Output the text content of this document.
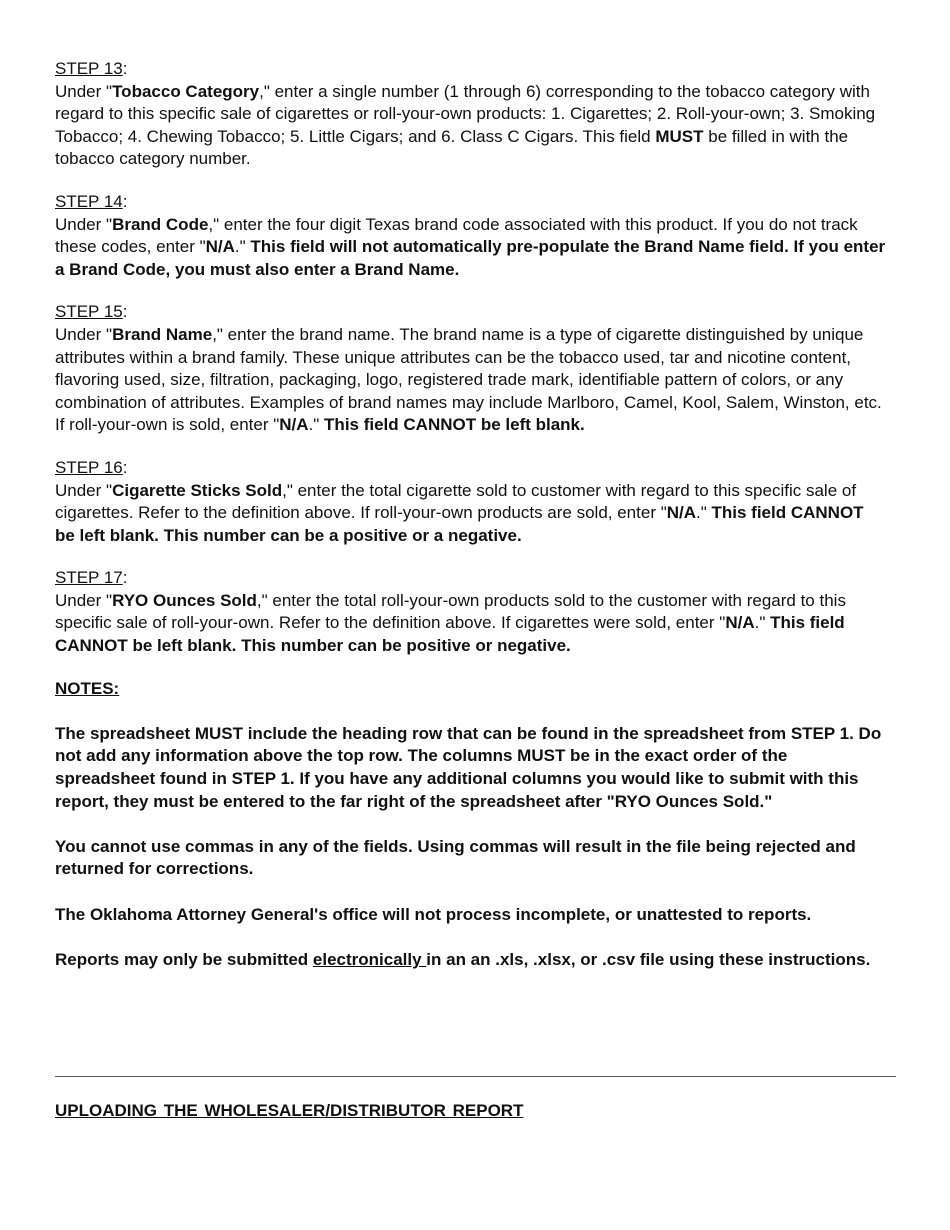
STEP 13:

Under "Tobacco Category," enter a single number (1 through 6) corresponding to the tobacco category with regard to this specific sale of cigarettes or roll-your-own products: 1. Cigarettes; 2. Roll-your-own; 3. Smoking Tobacco; 4. Chewing Tobacco; 5. Little Cigars; and 6. Class C Cigars. This field MUST be filled in with the tobacco category number.

STEP 14:

Under "Brand Code," enter the four digit Texas brand code associated with this product. If you do not track these codes, enter "N/A." This field will not automatically pre-populate the Brand Name field. If you enter a Brand Code, you must also enter a Brand Name.

STEP 15:

Under "Brand Name," enter the brand name. The brand name is a type of cigarette distinguished by unique attributes within a brand family. These unique attributes can be the tobacco used, tar and nicotine content, flavoring used, size, filtration, packaging, logo, registered trade mark, identifiable pattern of colors, or any combination of attributes. Examples of brand names may include Marlboro, Camel, Kool, Salem, Winston, etc. If roll-your-own is sold, enter "N/A." This field CANNOT be left blank.

STEP 16:

Under "Cigarette Sticks Sold," enter the total cigarette sold to customer with regard to this specific sale of cigarettes. Refer to the definition above. If roll-your-own products are sold, enter "N/A." This field CANNOT be left blank. This number can be a positive or a negative.

STEP 17:

Under "RYO Ounces Sold," enter the total roll-your-own products sold to the customer with regard to this specific sale of roll-your-own. Refer to the definition above. If cigarettes were sold, enter "N/A." This field CANNOT be left blank. This number can be positive or negative.

NOTES:

The spreadsheet MUST include the heading row that can be found in the spreadsheet from STEP 1. Do not add any information above the top row. The columns MUST be in the exact order of the spreadsheet found in STEP 1. If you have any additional columns you would like to submit with this report, they must be entered to the far right of the spreadsheet after "RYO Ounces Sold."

You cannot use commas in any of the fields. Using commas will result in the file being rejected and returned for corrections.

The Oklahoma Attorney General's office will not process incomplete, or unattested to reports.

Reports may only be submitted electronically in an an .xls, .xlsx, or .csv file using these instructions.

UPLOADING THE WHOLESALER/DISTRIBUTOR REPORT
